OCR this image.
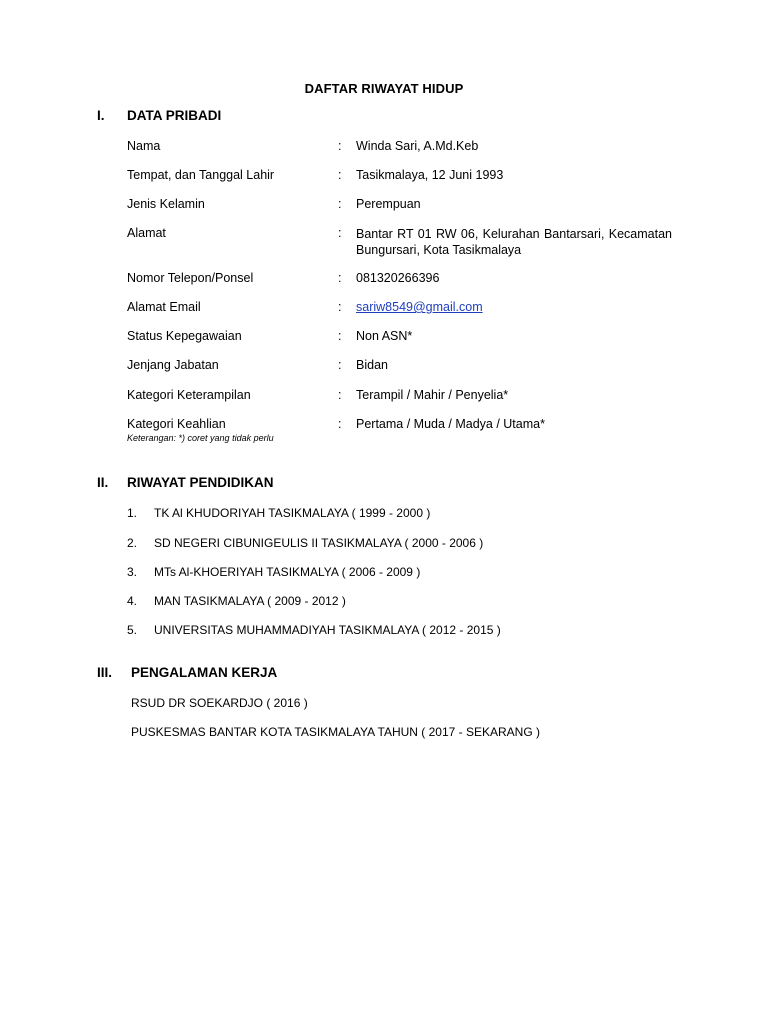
DAFTAR RIWAYAT HIDUP
I. DATA PRIBADI
Nama	: Winda Sari, A.Md.Keb
Tempat, dan Tanggal Lahir	: Tasikmalaya, 12 Juni 1993
Jenis Kelamin	: Perempuan
Alamat	: Bantar RT 01 RW 06, Kelurahan Bantarsari, Kecamatan Bungursari, Kota Tasikmalaya
Nomor Telepon/Ponsel	: 081320266396
Alamat Email	: sariw8549@gmail.com
Status Kepegawaian	: Non ASN*
Jenjang Jabatan	: Bidan
Kategori Keterampilan	: Terampil / Mahir / Penyelia*
Kategori Keahlian	: Pertama / Muda / Madya / Utama*
Keterangan: *) coret yang tidak perlu
II. RIWAYAT PENDIDIKAN
1. TK Al KHUDORIYAH TASIKMALAYA ( 1999 - 2000 )
2. SD NEGERI CIBUNIGEULIS II TASIKMALAYA ( 2000 - 2006 )
3. MTs Al-KHOERIYAH TASIKMALYA ( 2006 - 2009 )
4. MAN TASIKMALAYA ( 2009 - 2012 )
5. UNIVERSITAS MUHAMMADIYAH TASIKMALAYA ( 2012 - 2015 )
III. PENGALAMAN KERJA
RSUD DR SOEKARDJO ( 2016 )
PUSKESMAS BANTAR KOTA TASIKMALAYA TAHUN ( 2017 - SEKARANG )
